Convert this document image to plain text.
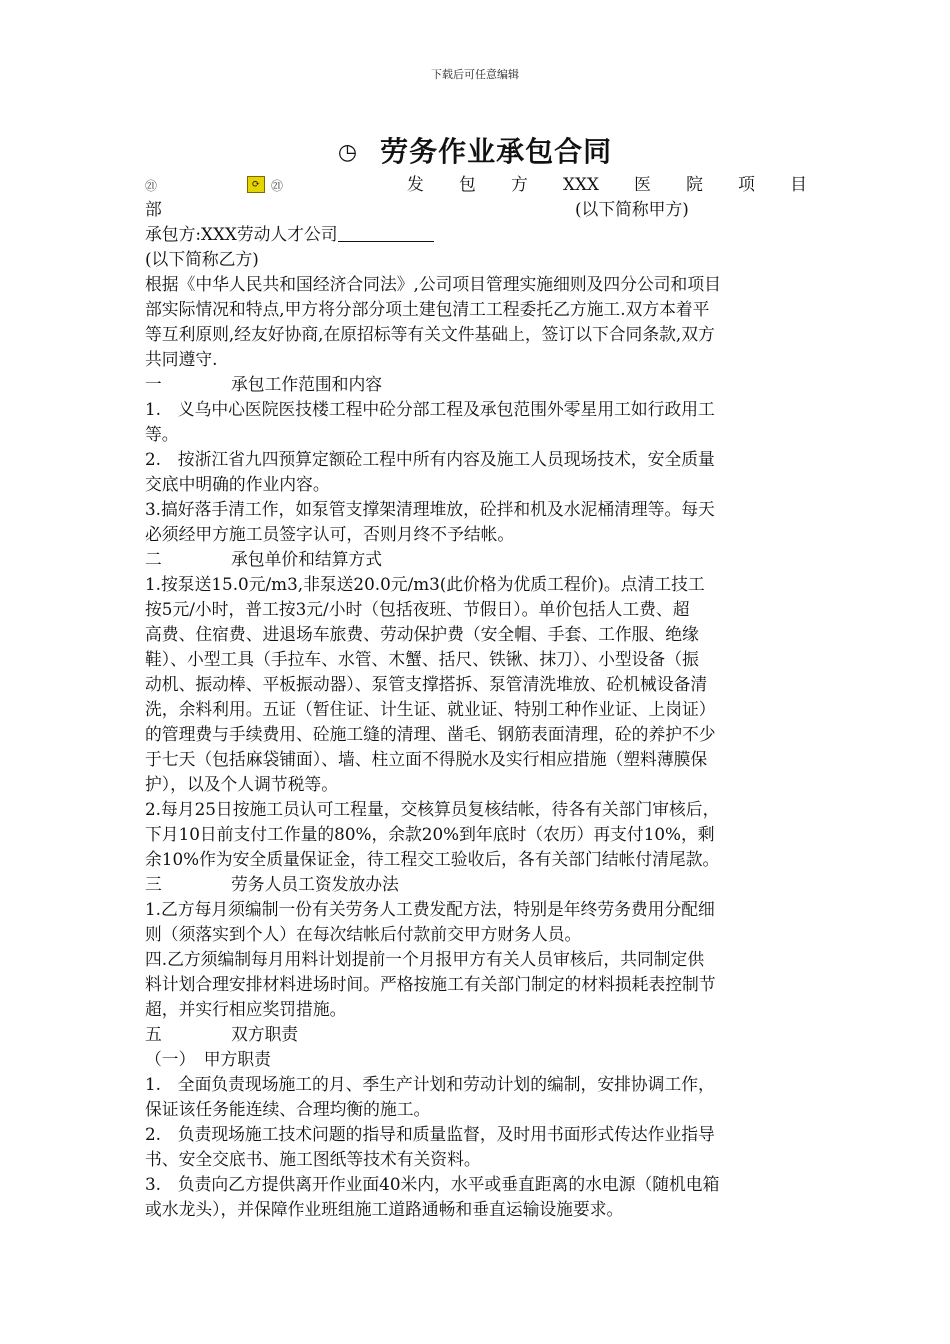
下载后可任意编辑
◷ 劳务作业承包合同
㉑	⟳ ㉑	发 包 方 XXX 医 院 项 目
部	(以下简称甲方)
承包方:XXX劳动人才公司
(以下简称乙方)
根据《中华人民共和国经济合同法》,公司项目管理实施细则及四分公司和项目
部实际情况和特点,甲方将分部分项土建包清工工程委托乙方施工.双方本着平
等互利原则,经友好协商,在原招标等有关文件基础上，签订以下合同条款,双方
共同遵守.
一	承包工作范围和内容
1.　义乌中心医院医技楼工程中砼分部工程及承包范围外零星用工如行政用工
等。
2.　按浙江省九四预算定额砼工程中所有内容及施工人员现场技术，安全质量
交底中明确的作业内容。
3.搞好落手清工作，如泵管支撑架清理堆放，砼拌和机及水泥桶清理等。每天
必须经甲方施工员签字认可，否则月终不予结帐。
二	承包单价和结算方式
1.按泵送15.0元/m3,非泵送20.0元/m3(此价格为优质工程价)。点清工技工
按5元/小时，普工按3元/小时（包括夜班、节假日）。单价包括人工费、超
高费、住宿费、进退场车旅费、劳动保护费（安全帽、手套、工作服、绝缘
鞋）、小型工具（手拉车、水管、木蟹、括尺、铁锹、抹刀）、小型设备（振
动机、振动棒、平板振动器）、泵管支撑搭拆、泵管清洗堆放、砼机械设备清
洗，余料利用。五证（暂住证、计生证、就业证、特别工种作业证、上岗证）
的管理费与手续费用、砼施工缝的清理、凿毛、钢筋表面清理，砼的养护不少
于七天（包括麻袋铺面）、墙、柱立面不得脱水及实行相应措施（塑料薄膜保
护），以及个人调节税等。
2.每月25日按施工员认可工程量，交核算员复核结帐，待各有关部门审核后，
下月10日前支付工作量的80%，余款20%到年底时（农历）再支付10%，剩
余10%作为安全质量保证金，待工程交工验收后，各有关部门结帐付清尾款。
三	劳务人员工资发放办法
1.乙方每月须编制一份有关劳务人工费发配方法，特别是年终劳务费用分配细
则（须落实到个人）在每次结帐后付款前交甲方财务人员。
四.乙方须编制每月用料计划提前一个月报甲方有关人员审核后，共同制定供
料计划合理安排材料进场时间。严格按施工有关部门制定的材料损耗表控制节
超，并实行相应奖罚措施。
五	双方职责
（一）　甲方职责
1.　全面负责现场施工的月、季生产计划和劳动计划的编制，安排协调工作，
保证该任务能连续、合理均衡的施工。
2.　负责现场施工技术问题的指导和质量监督，及时用书面形式传达作业指导
书、安全交底书、施工图纸等技术有关资料。
3.　负责向乙方提供离开作业面40米内，水平或垂直距离的水电源（随机电箱
或水龙头），并保障作业班组施工道路通畅和垂直运输设施要求。
